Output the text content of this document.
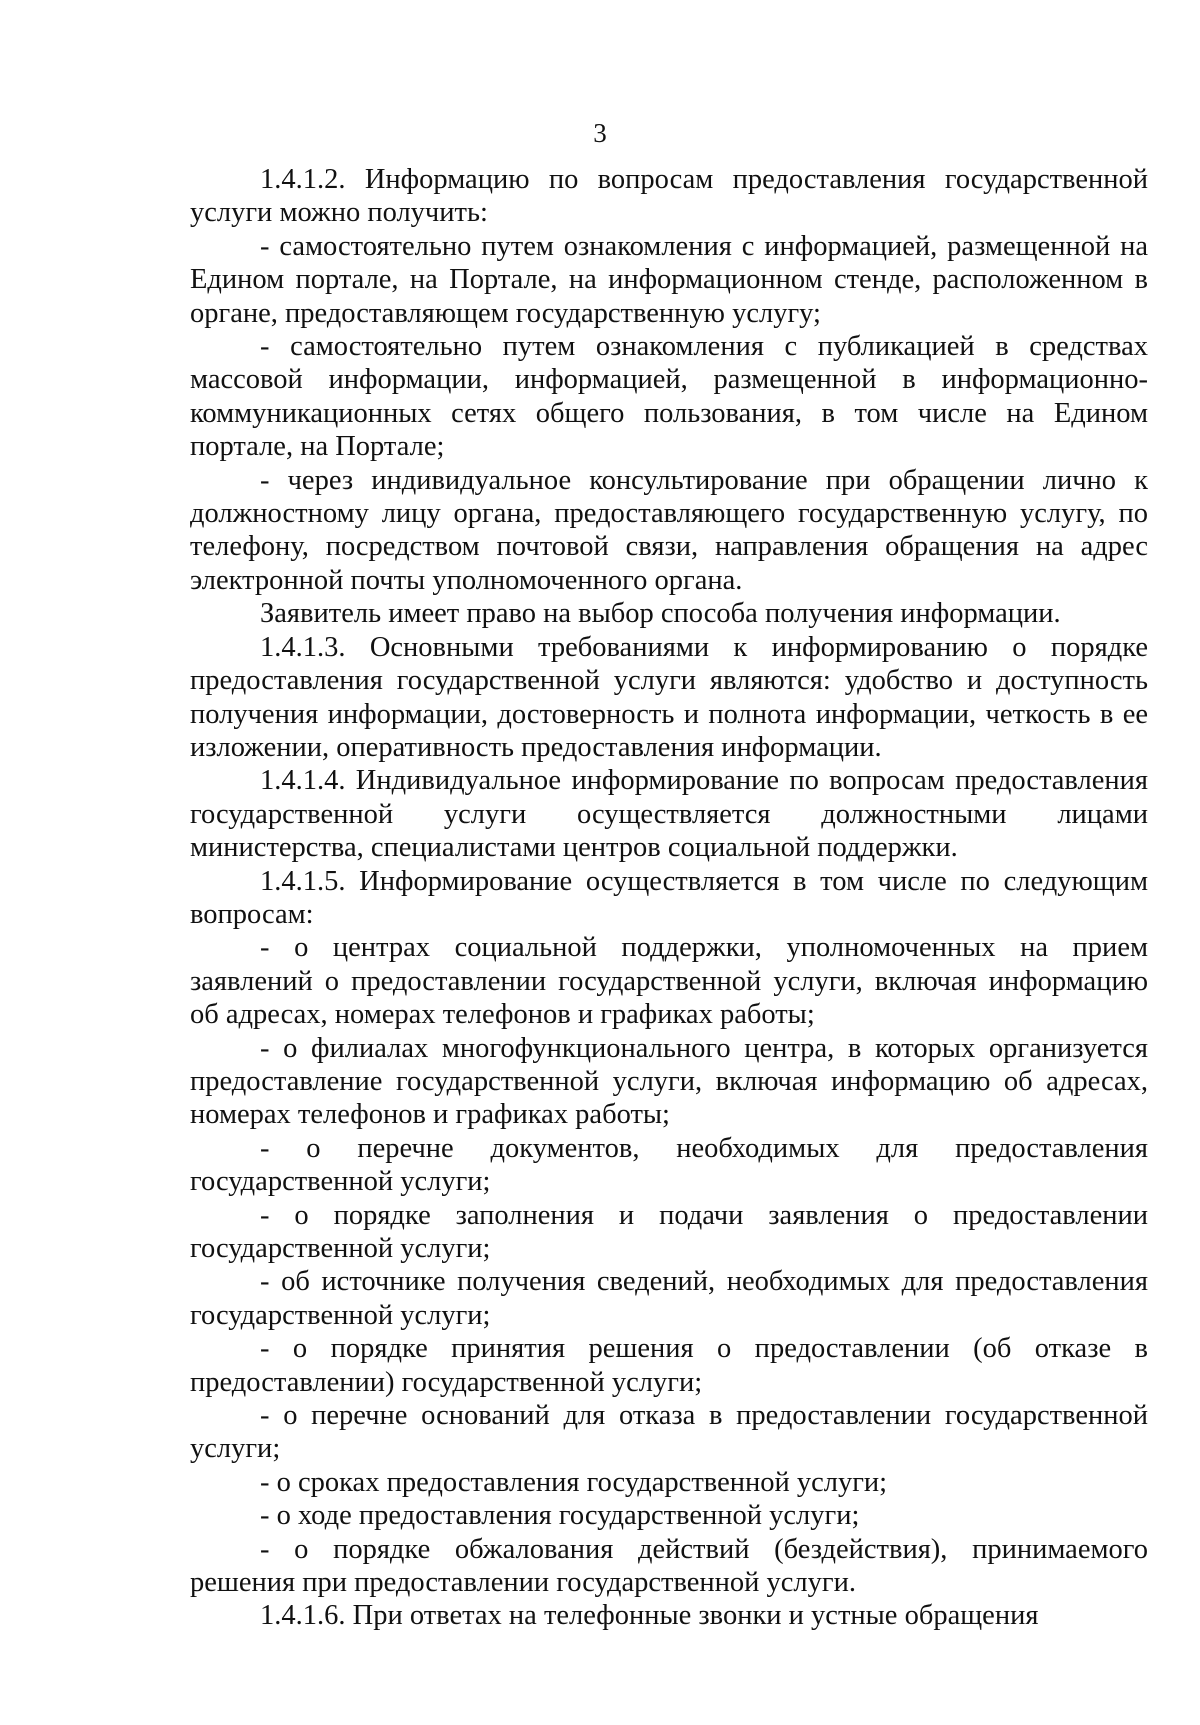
3

1.4.1.2. Информацию по вопросам предоставления государственной услуги можно получить:

- самостоятельно путем ознакомления с информацией, размещенной на Едином портале, на Портале, на информационном стенде, расположенном в органе, предоставляющем государственную услугу;

- самостоятельно путем ознакомления с публикацией в средствах массовой информации, информацией, размещенной в информационно-коммуникационных сетях общего пользования, в том числе на Едином портале, на Портале;

- через индивидуальное консультирование при обращении лично к должностному лицу органа, предоставляющего государственную услугу, по телефону, посредством почтовой связи, направления обращения на адрес электронной почты уполномоченного органа.

Заявитель имеет право на выбор способа получения информации.

1.4.1.3. Основными требованиями к информированию о порядке предоставления государственной услуги являются: удобство и доступность получения информации, достоверность и полнота информации, четкость в ее изложении, оперативность предоставления информации.

1.4.1.4. Индивидуальное информирование по вопросам предоставления государственной услуги осуществляется должностными лицами министерства, специалистами центров социальной поддержки.

1.4.1.5. Информирование осуществляется в том числе по следующим вопросам:

- о центрах социальной поддержки, уполномоченных на прием заявлений о предоставлении государственной услуги, включая информацию об адресах, номерах телефонов и графиках работы;

- о филиалах многофункционального центра, в которых организуется предоставление государственной услуги, включая информацию об адресах, номерах телефонов и графиках работы;

- о перечне документов, необходимых для предоставления государственной услуги;

- о порядке заполнения и подачи заявления о предоставлении государственной услуги;

- об источнике получения сведений, необходимых для предоставления государственной услуги;

- о порядке принятия решения о предоставлении (об отказе в предоставлении) государственной услуги;

- о перечне оснований для отказа в предоставлении государственной услуги;

- о сроках предоставления государственной услуги;

- о ходе предоставления государственной услуги;

- о порядке обжалования действий (бездействия), принимаемого решения при предоставлении государственной услуги.

1.4.1.6. При ответах на телефонные звонки и устные обращения
